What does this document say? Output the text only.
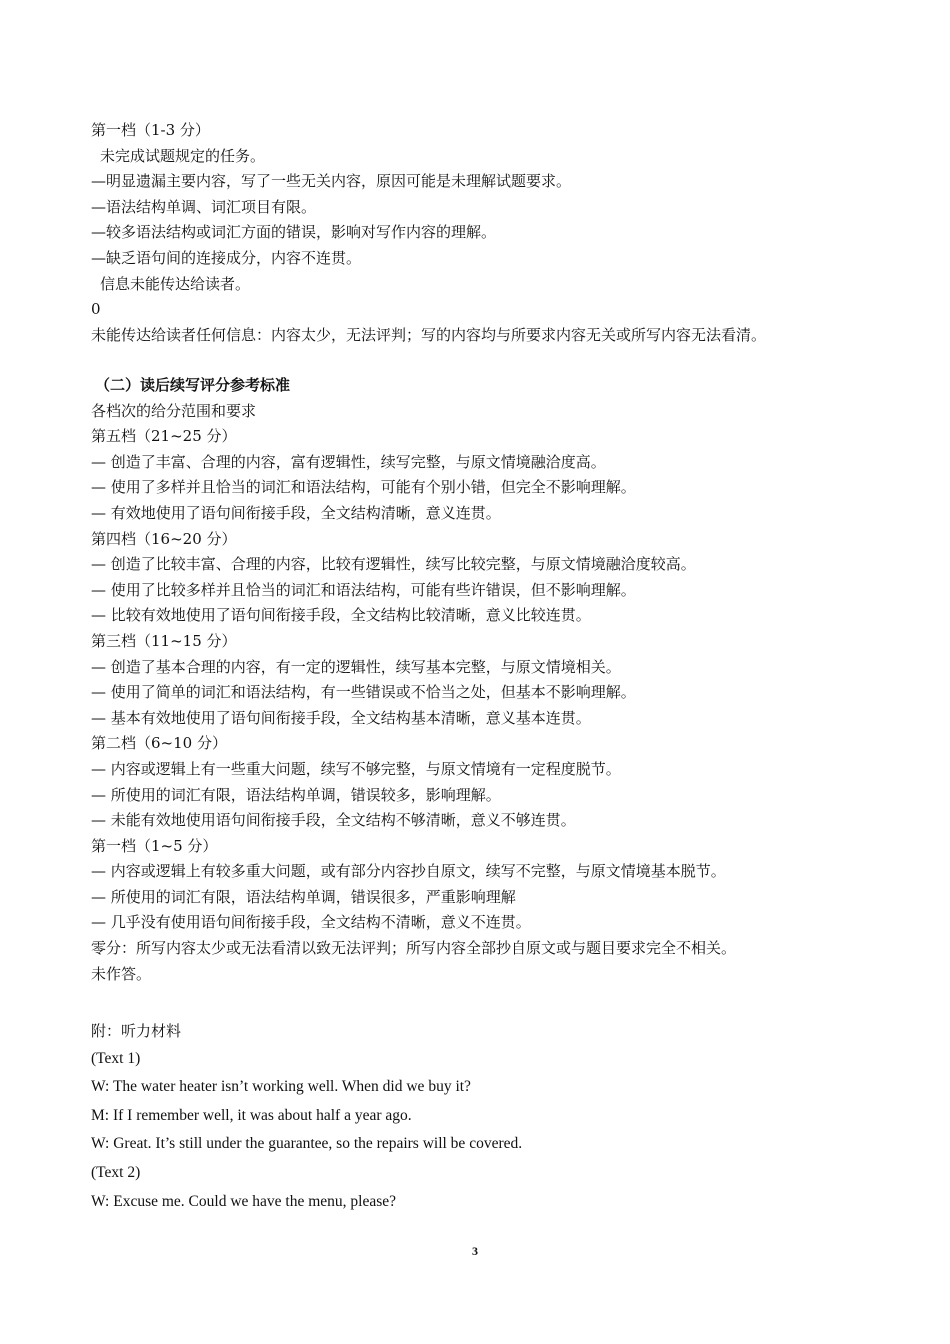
第一档（1-3 分）
未完成试题规定的任务。
—明显遗漏主要内容，写了一些无关内容，原因可能是未理解试题要求。
—语法结构单调、词汇项目有限。
—较多语法结构或词汇方面的错误，影响对写作内容的理解。
—缺乏语句间的连接成分，内容不连贯。
信息未能传达给读者。
0
未能传达给读者任何信息：内容太少，无法评判；写的内容均与所要求内容无关或所写内容无法看清。
（二）读后续写评分参考标准
各档次的给分范围和要求
第五档（21~25 分）
— 创造了丰富、合理的内容，富有逻辑性，续写完整，与原文情境融洽度高。
— 使用了多样并且恰当的词汇和语法结构，可能有个别小错，但完全不影响理解。
— 有效地使用了语句间衔接手段，全文结构清晰，意义连贯。
第四档（16~20 分）
— 创造了比较丰富、合理的内容，比较有逻辑性，续写比较完整，与原文情境融洽度较高。
— 使用了比较多样并且恰当的词汇和语法结构，可能有些许错误，但不影响理解。
— 比较有效地使用了语句间衔接手段，全文结构比较清晰，意义比较连贯。
第三档（11~15 分）
— 创造了基本合理的内容，有一定的逻辑性，续写基本完整，与原文情境相关。
— 使用了简单的词汇和语法结构，有一些错误或不恰当之处，但基本不影响理解。
— 基本有效地使用了语句间衔接手段，全文结构基本清晰，意义基本连贯。
第二档（6~10 分）
— 内容或逻辑上有一些重大问题，续写不够完整，与原文情境有一定程度脱节。
— 所使用的词汇有限，语法结构单调，错误较多，影响理解。
— 未能有效地使用语句间衔接手段，全文结构不够清晰，意义不够连贯。
第一档（1~5 分）
— 内容或逻辑上有较多重大问题，或有部分内容抄自原文，续写不完整，与原文情境基本脱节。
— 所使用的词汇有限，语法结构单调，错误很多，严重影响理解
— 几乎没有使用语句间衔接手段，全文结构不清晰，意义不连贯。
零分：所写内容太少或无法看清以致无法评判；所写内容全部抄自原文或与题目要求完全不相关。
未作答。
附：听力材料
(Text 1)
W: The water heater isn’t working well. When did we buy it?
M: If I remember well, it was about half a year ago.
W: Great. It’s still under the guarantee, so the repairs will be covered.
(Text 2)
W: Excuse me. Could we have the menu, please?
3
